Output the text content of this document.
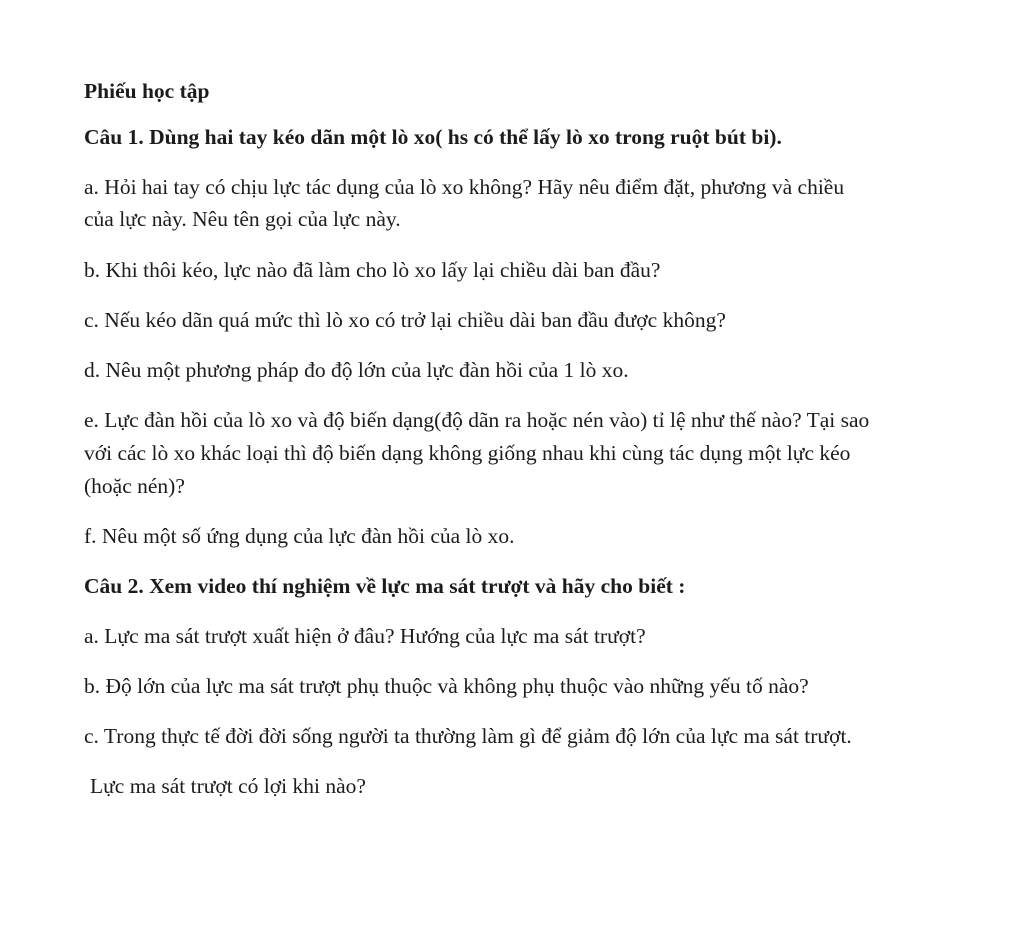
Phiếu học tập

Câu 1. Dùng hai tay kéo dãn một lò xo( hs có thể lấy lò xo trong ruột bút bi).

a. Hỏi hai tay có chịu lực tác dụng của lò xo không? Hãy nêu điểm đặt, phương và chiều

của lực này. Nêu tên gọi của lực này.

b. Khi thôi kéo, lực nào đã làm cho lò xo lấy lại chiều dài ban đầu?

c. Nếu kéo dãn quá mức thì lò xo có trở lại chiều dài ban đầu được không?

d. Nêu một phương pháp đo độ lớn của lực đàn hồi của 1 lò xo.

e. Lực đàn hồi của lò xo và độ biến dạng(độ dãn ra hoặc nén vào) tỉ lệ như thế nào? Tại sao

với các lò xo khác loại thì độ biến dạng không giống nhau khi cùng tác dụng một lực kéo

(hoặc nén)?

f. Nêu một số ứng dụng của lực đàn hồi của lò xo.

Câu 2. Xem video thí nghiệm về lực ma sát trượt và hãy cho biết :

a. Lực ma sát trượt xuất hiện ở đâu? Hướng của lực ma sát trượt?

b. Độ lớn của lực ma sát trượt phụ thuộc và không phụ thuộc vào những yếu tố nào?

c. Trong thực tế đời đời sống người ta thường làm gì để giảm độ lớn của lực ma sát trượt.

Lực ma sát trượt có lợi khi nào?
